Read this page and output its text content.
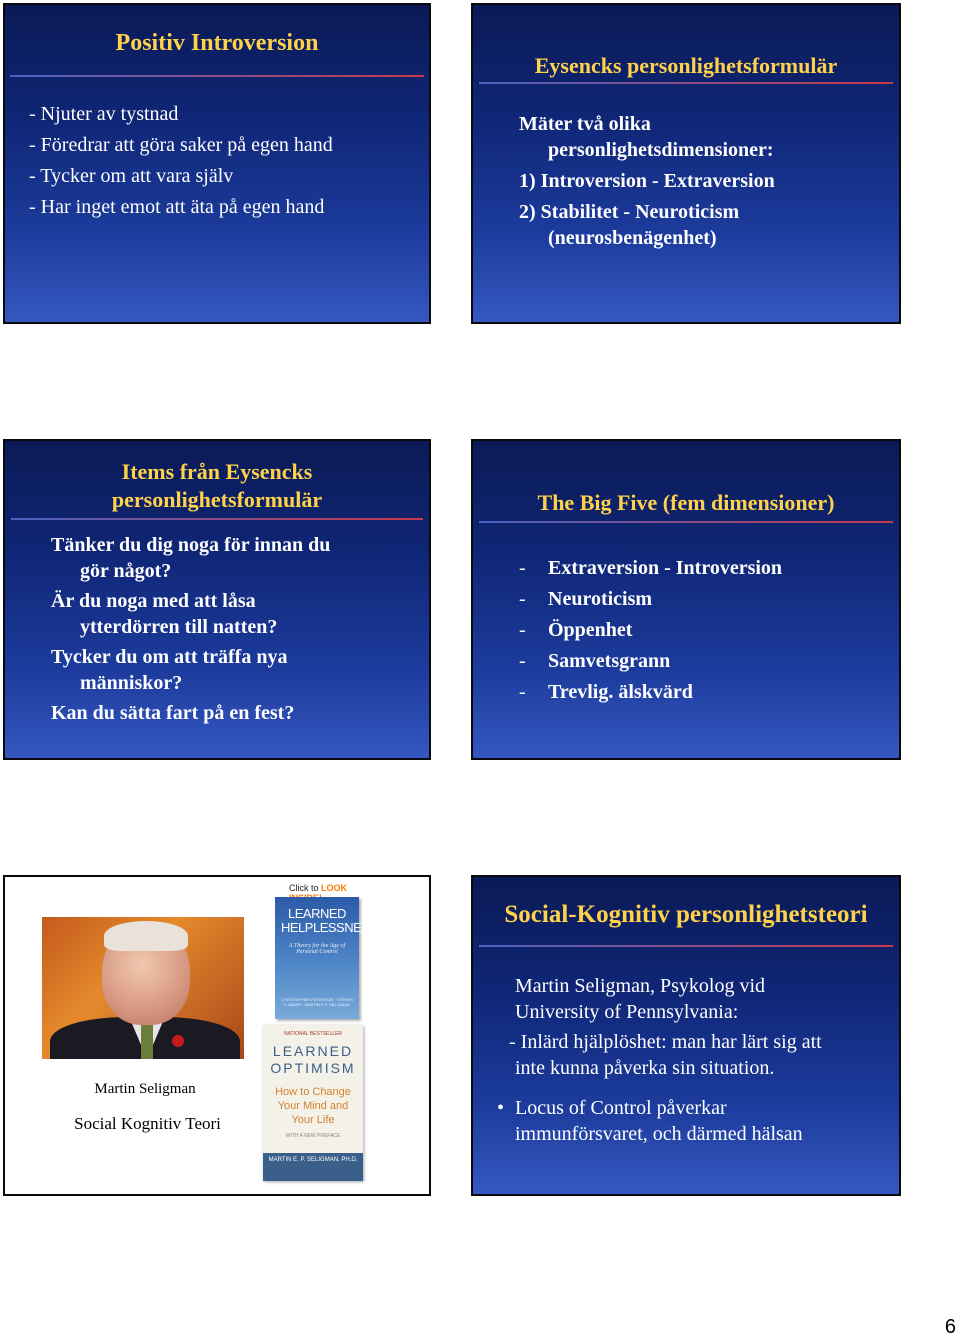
Positiv Introversion
- Njuter av tystnad
- Föredrar att göra saker på egen hand
- Tycker om att vara själv
- Har inget emot att äta på egen hand
Eysencks personlighetsformulär
Mäter två olika
personlighetsdimensioner:
1) Introversion - Extraversion
2) Stabilitet - Neuroticism
(neurosbenägenhet)
Items från Eysencks
personlighetsformulär
Tänker du dig noga för innan du
gör något?
Är du noga med att låsa
ytterdörren till natten?
Tycker du om att träffa nya
människor?
Kan du sätta fart på en fest?
The Big Five (fem dimensioner)
- Extraversion - Introversion
- Neuroticism
- Öppenhet
- Samvetsgrann
- Trevlig. älskvärd
Martin Seligman
Social Kognitiv Teori
Click to LOOK
LEARNED
HELPLESSNESS
A Theory for the Age of Personal Control
CHRISTOPHER PETERSON · STEVEN F. MAIER · MARTIN E.P. SELIGMAN
NATIONAL BESTSELLER
LEARNED
OPTIMISM
How to Change
Your Mind and
Your Life
WITH A NEW PREFACE
MARTIN E. P. SELIGMAN, PH.D.
Social-Kognitiv personlighetsteori
Martin Seligman, Psykolog vid
University of Pennsylvania:
- Inlärd hjälplöshet: man har lärt sig att
inte kunna påverka sin situation.
• Locus of Control påverkar
immunförsvaret, och därmed hälsan
6
